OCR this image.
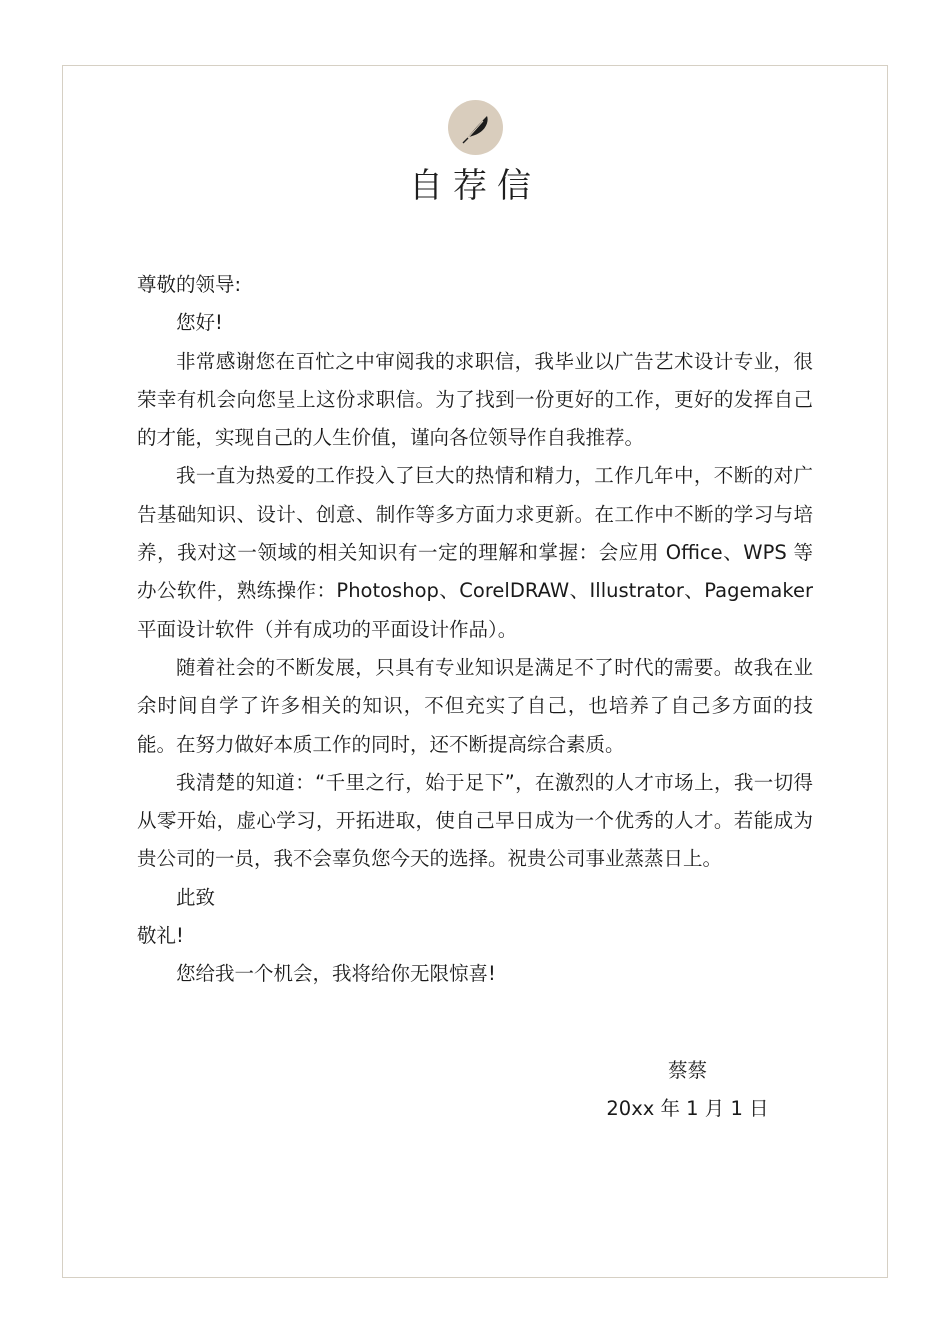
自荐信

尊敬的领导:

您好!

非常感谢您在百忙之中审阅我的求职信，我毕业以广告艺术设计专业，很荣幸有机会向您呈上这份求职信。为了找到一份更好的工作，更好的发挥自己的才能，实现自己的人生价值，谨向各位领导作自我推荐。

我一直为热爱的工作投入了巨大的热情和精力，工作几年中，不断的对广告基础知识、设计、创意、制作等多方面力求更新。在工作中不断的学习与培养，我对这一领域的相关知识有一定的理解和掌握：会应用 Office、WPS 等办公软件，熟练操作：Photoshop、CorelDRAW、Illustrator、Pagemaker 平面设计软件（并有成功的平面设计作品）。

随着社会的不断发展，只具有专业知识是满足不了时代的需要。故我在业余时间自学了许多相关的知识，不但充实了自己，也培养了自己多方面的技能。在努力做好本质工作的同时，还不断提高综合素质。

我清楚的知道：“千里之行，始于足下”，在激烈的人才市场上，我一切得从零开始，虚心学习，开拓进取，使自己早日成为一个优秀的人才。若能成为贵公司的一员，我不会辜负您今天的选择。祝贵公司事业蒸蒸日上。

此致

敬礼!

您给我一个机会，我将给你无限惊喜!

蔡蔡
20xx 年 1 月 1 日
